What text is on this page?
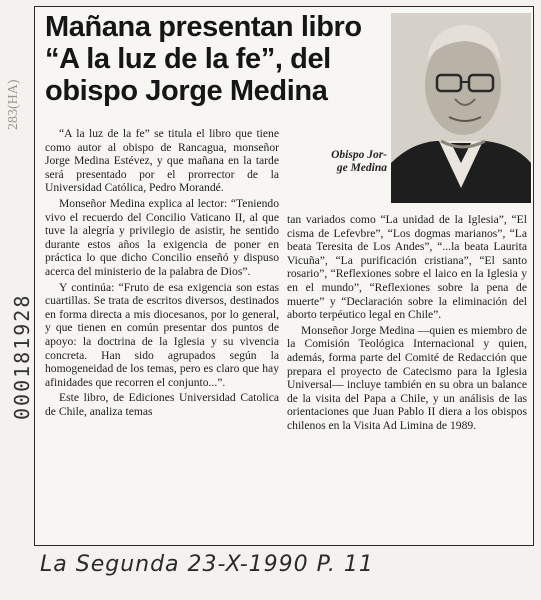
283(HA)
000181928
Mañana presentan libro
“A la luz de la fe”, del
obispo Jorge Medina
Obispo Jor-
ge Medina

“A la luz de la fe” se titula el libro que tiene como autor al obispo de Rancagua, monseñor Jorge Medina Estévez, y que mañana en la tarde será presentado por el prorrector de la Universidad Católica, Pedro Morandé.

Monseñor Medina explica al lector: “Teniendo vivo el recuerdo del Concilio Vaticano II, al que tuve la alegría y privilegio de asistir, he sentido durante estos años la exigencia de poner en práctica lo que dicho Concilio enseñó y dispuso acerca del ministerio de la palabra de Dios”.

Y continúa: “Fruto de esa exigencia son estas cuartillas. Se trata de escritos diversos, destinados en forma directa a mis diocesanos, por lo general, y que tienen en común presentar dos puntos de apoyo: la doctrina de la Iglesia y su vivencia concreta. Han sido agrupados según la homogeneidad de los temas, pero es claro que hay afinidades que recorren el conjunto...”.

Este libro, de Ediciones Universidad Catolica de Chile, analiza temas

tan variados como “La unidad de la Iglesia”, “El cisma de Lefevbre”, “Los dogmas marianos”, “La beata Teresita de Los Andes”, “...la beata Laurita Vicuña”, “La purificación cristiana”, “El santo rosario”, “Reflexiones sobre el laico en la Iglesia y en el mundo”, “Reflexiones sobre la pena de muerte” y “Declaración sobre la eliminación del aborto terpéutico legal en Chile”.

Monseñor Jorge Medina —quien es miembro de la Comisión Teológica Internacional y quien, además, forma parte del Comité de Redacción que prepara el proyecto de Catecismo para la Iglesia Universal— incluye también en su obra un balance de la visita del Papa a Chile, y un análisis de las orientaciones que Juan Pablo II diera a los obispos chilenos en la Visita Ad Limina de 1989.

La Segunda 23-X-1990 P. 11
